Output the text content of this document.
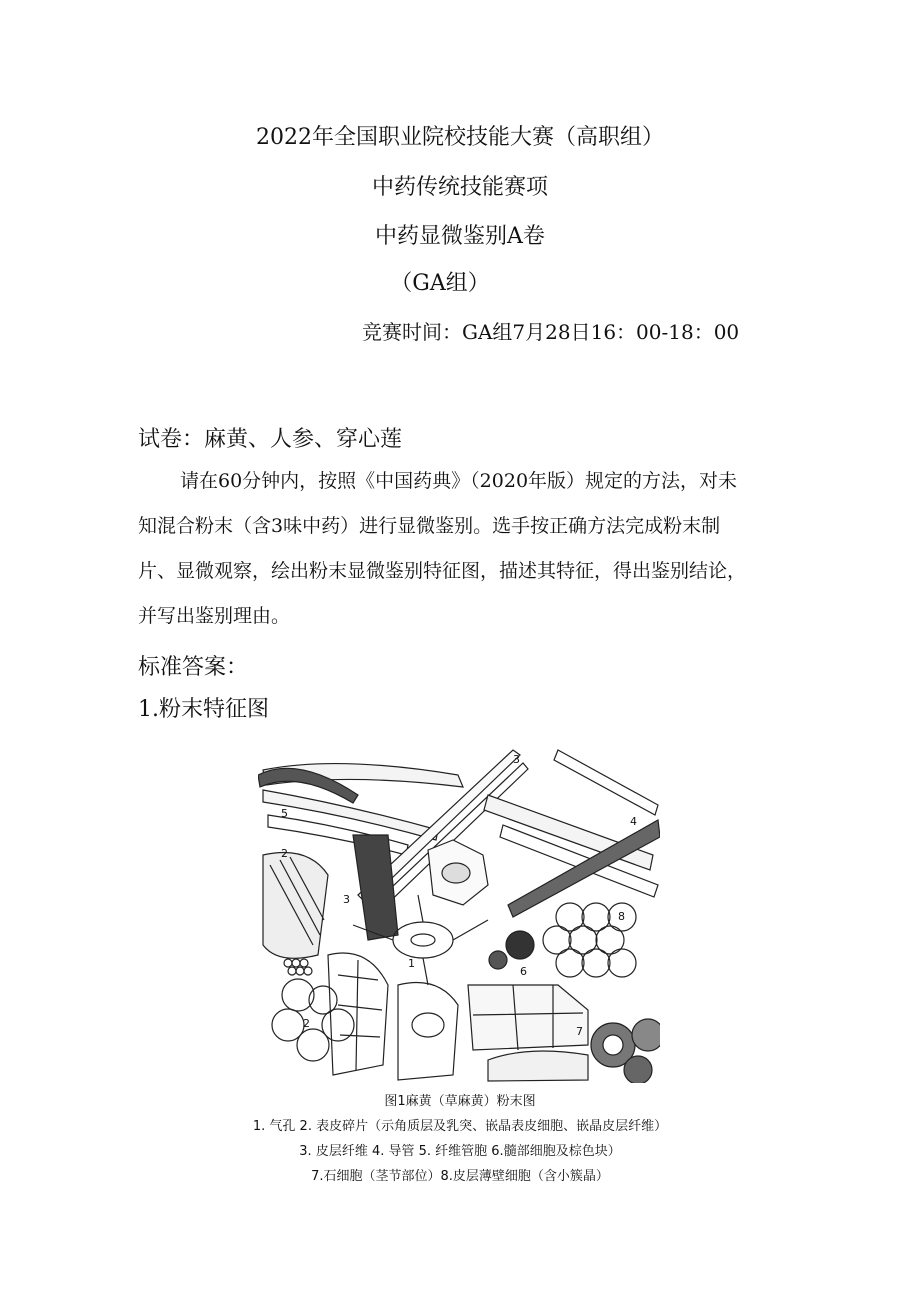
2022年全国职业院校技能大赛（高职组）
中药传统技能赛项
中药显微鉴别A卷
（GA组）
竞赛时间：GA组7月28日16：00-18：00
试卷：麻黄、人参、穿心莲
请在60分钟内，按照《中国药典》（2020年版）规定的方法，对未
知混合粉末（含3味中药）进行显微鉴别。选手按正确方法完成粉末制
片、显微观察，绘出粉末显微鉴别特征图，描述其特征，得出鉴别结论，
并写出鉴别理由。
标准答案：
1.粉末特征图
1
2
2
3
3
4
5
6
7
8
图1麻黄（草麻黄）粉末图
1. 气孔 2. 表皮碎片（示角质层及乳突、嵌晶表皮细胞、嵌晶皮层纤维）
3. 皮层纤维 4. 导管 5. 纤维管胞 6.髓部细胞及棕色块）
7.石细胞（茎节部位）8.皮层薄壁细胞（含小簇晶）
